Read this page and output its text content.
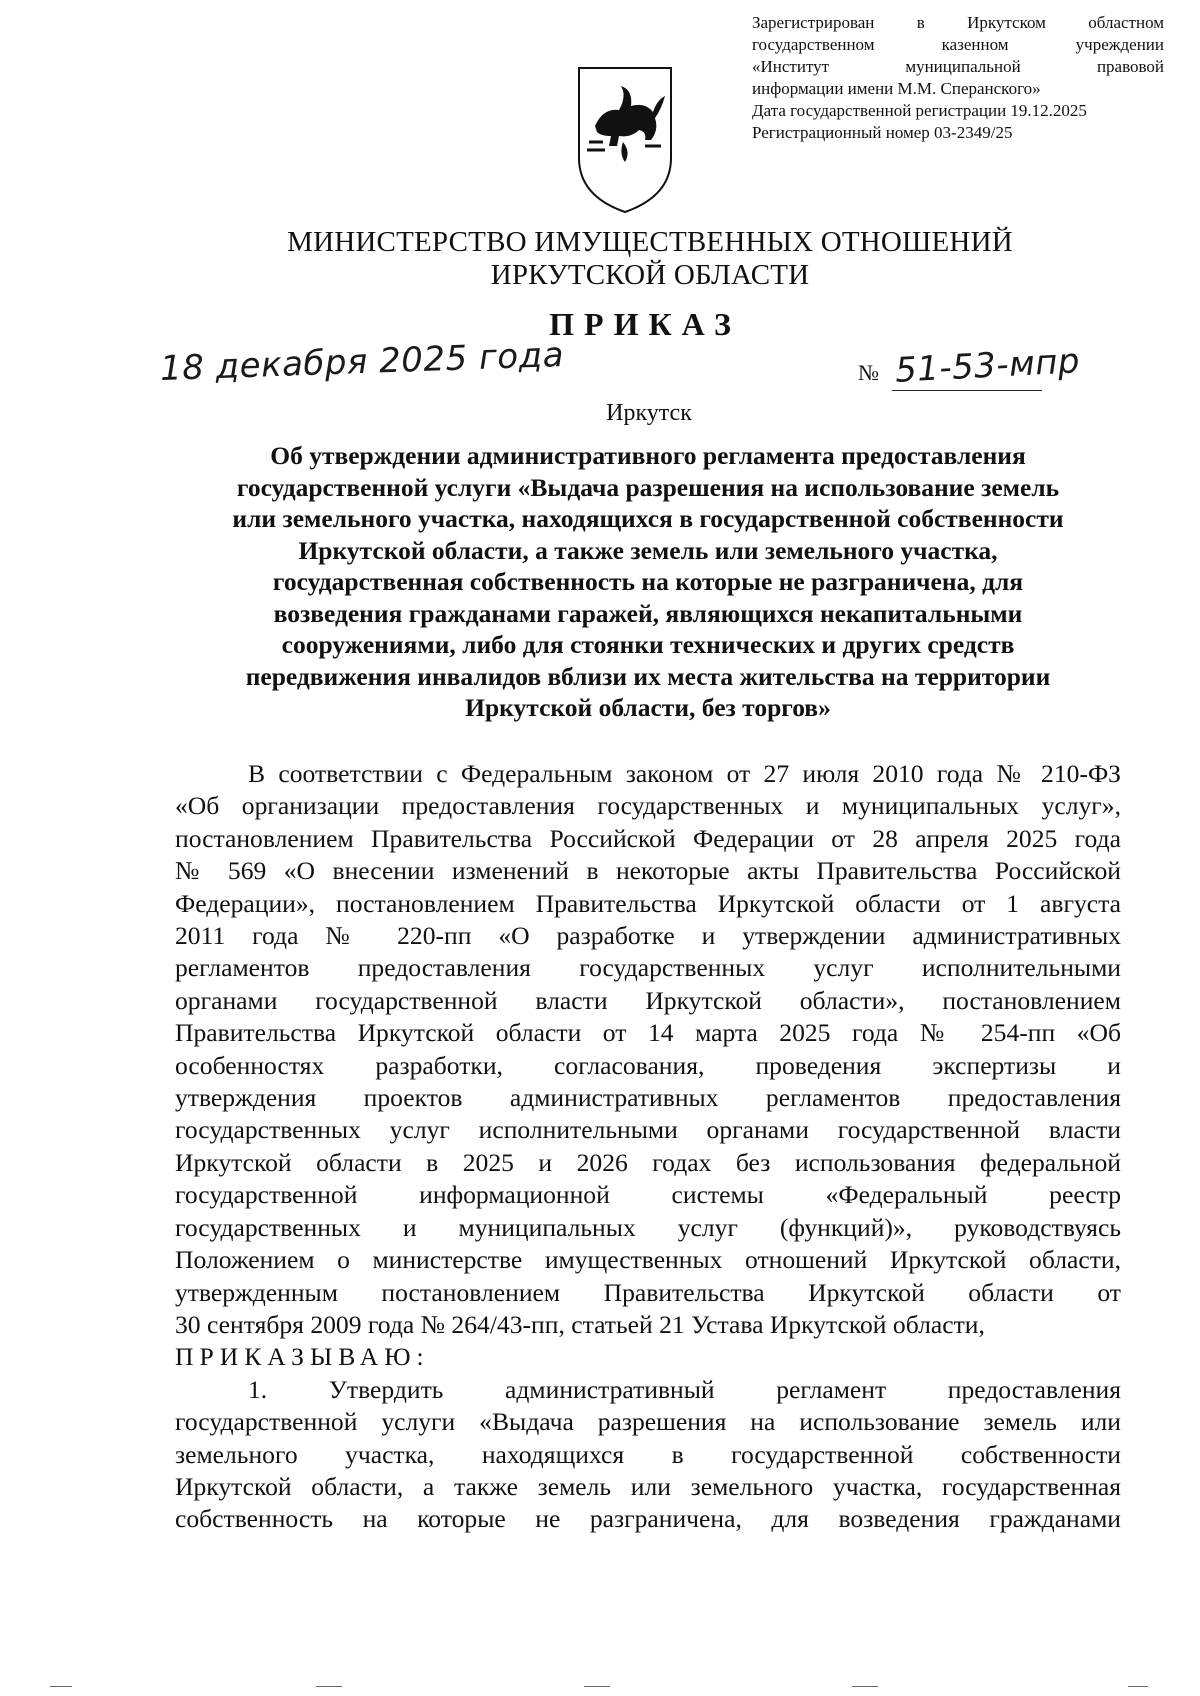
Зарегистрирован в Иркутском областном
государственном казенном учреждении
«Институт муниципальной правовой
информации имени М.М. Сперанского»
Дата государственной регистрации 19.12.2025
Регистрационный номер 03-2349/25
МИНИСТЕРСТВО ИМУЩЕСТВЕННЫХ ОТНОШЕНИЙ
ИРКУТСКОЙ ОБЛАСТИ
ПРИКАЗ
18 декабря 2025 года	№ 51-53-мпр
Иркутск
Об утверждении административного регламента предоставления
государственной услуги «Выдача разрешения на использование земель
или земельного участка, находящихся в государственной собственности
Иркутской области, а также земель или земельного участка,
государственная собственность на которые не разграничена, для
возведения гражданами гаражей, являющихся некапитальными
сооружениями, либо для стоянки технических и других средств
передвижения инвалидов вблизи их места жительства на территории
Иркутской области, без торгов»
В соответствии с Федеральным законом от 27 июля 2010 года № 210-ФЗ
«Об организации предоставления государственных и муниципальных услуг»,
постановлением Правительства Российской Федерации от 28 апреля 2025 года
№ 569 «О внесении изменений в некоторые акты Правительства Российской
Федерации», постановлением Правительства Иркутской области от 1 августа
2011 года № 220-пп «О разработке и утверждении административных
регламентов предоставления государственных услуг исполнительными
органами государственной власти Иркутской области», постановлением
Правительства Иркутской области от 14 марта 2025 года № 254-пп «Об
особенностях разработки, согласования, проведения экспертизы и
утверждения проектов административных регламентов предоставления
государственных услуг исполнительными органами государственной власти
Иркутской области в 2025 и 2026 годах без использования федеральной
государственной информационной системы «Федеральный реестр
государственных и муниципальных услуг (функций)», руководствуясь
Положением о министерстве имущественных отношений Иркутской области,
утвержденным постановлением Правительства Иркутской области от
30 сентября 2009 года № 264/43-пп, статьей 21 Устава Иркутской области,
ПРИКАЗЫВАЮ:
1. Утвердить административный регламент предоставления
государственной услуги «Выдача разрешения на использование земель или
земельного участка, находящихся в государственной собственности
Иркутской области, а также земель или земельного участка, государственная
собственность на которые не разграничена, для возведения гражданами
